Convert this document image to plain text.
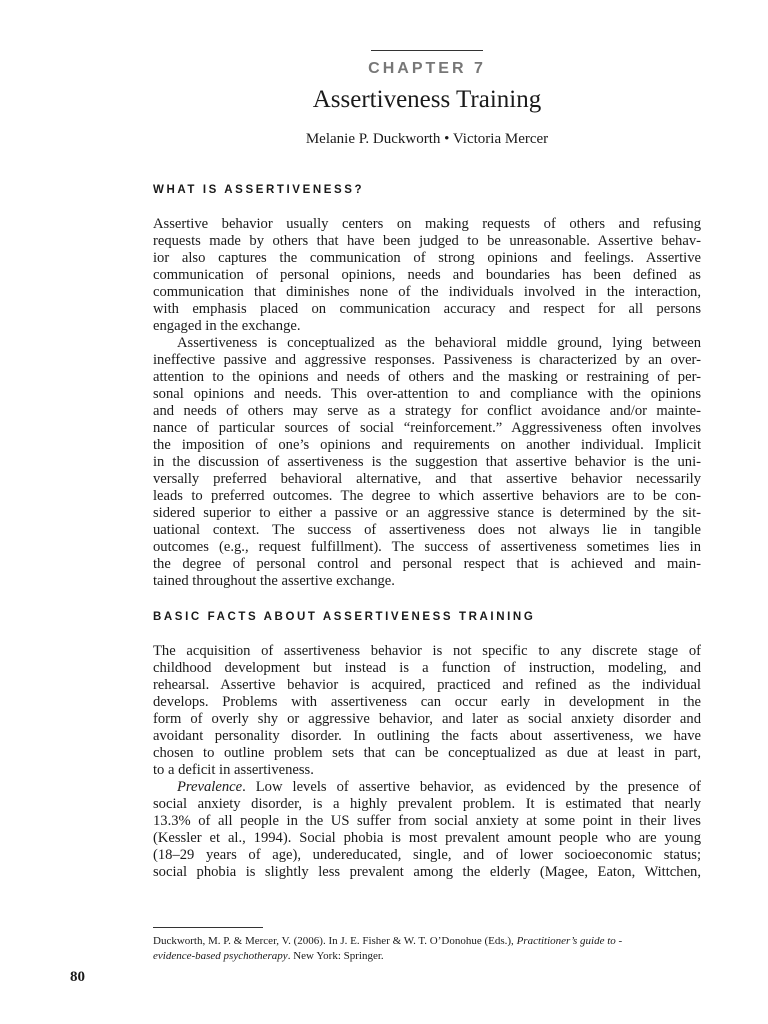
CHAPTER 7
Assertiveness Training
Melanie P. Duckworth • Victoria Mercer
WHAT IS ASSERTIVENESS?
Assertive behavior usually centers on making requests of others and refusing
requests made by others that have been judged to be unreasonable. Assertive behav-
ior also captures the communication of strong opinions and feelings. Assertive
communication of personal opinions, needs and boundaries has been defined as
communication that diminishes none of the individuals involved in the interaction,
with emphasis placed on communication accuracy and respect for all persons
engaged in the exchange.
Assertiveness is conceptualized as the behavioral middle ground, lying between
ineffective passive and aggressive responses. Passiveness is characterized by an over-
attention to the opinions and needs of others and the masking or restraining of per-
sonal opinions and needs. This over-attention to and compliance with the opinions
and needs of others may serve as a strategy for conflict avoidance and/or mainte-
nance of particular sources of social “reinforcement.” Aggressiveness often involves
the imposition of one’s opinions and requirements on another individual. Implicit
in the discussion of assertiveness is the suggestion that assertive behavior is the uni-
versally preferred behavioral alternative, and that assertive behavior necessarily
leads to preferred outcomes. The degree to which assertive behaviors are to be con-
sidered superior to either a passive or an aggressive stance is determined by the sit-
uational context. The success of assertiveness does not always lie in tangible
outcomes (e.g., request fulfillment). The success of assertiveness sometimes lies in
the degree of personal control and personal respect that is achieved and main-
tained throughout the assertive exchange.
BASIC FACTS ABOUT ASSERTIVENESS TRAINING
The acquisition of assertiveness behavior is not specific to any discrete stage of
childhood development but instead is a function of instruction, modeling, and
rehearsal. Assertive behavior is acquired, practiced and refined as the individual
develops. Problems with assertiveness can occur early in development in the
form of overly shy or aggressive behavior, and later as social anxiety disorder and
avoidant personality disorder. In outlining the facts about assertiveness, we have
chosen to outline problem sets that can be conceptualized as due at least in part,
to a deficit in assertiveness.
Prevalence. Low levels of assertive behavior, as evidenced by the presence of
social anxiety disorder, is a highly prevalent problem. It is estimated that nearly
13.3% of all people in the US suffer from social anxiety at some point in their lives
(Kessler et al., 1994). Social phobia is most prevalent amount people who are young
(18–29 years of age), undereducated, single, and of lower socioeconomic status;
social phobia is slightly less prevalent among the elderly (Magee, Eaton, Wittchen,
Duckworth, M. P. & Mercer, V. (2006). In J. E. Fisher & W. T. O’Donohue (Eds.), Practitioner’s guide to -
evidence-based psychotherapy. New York: Springer.
80
